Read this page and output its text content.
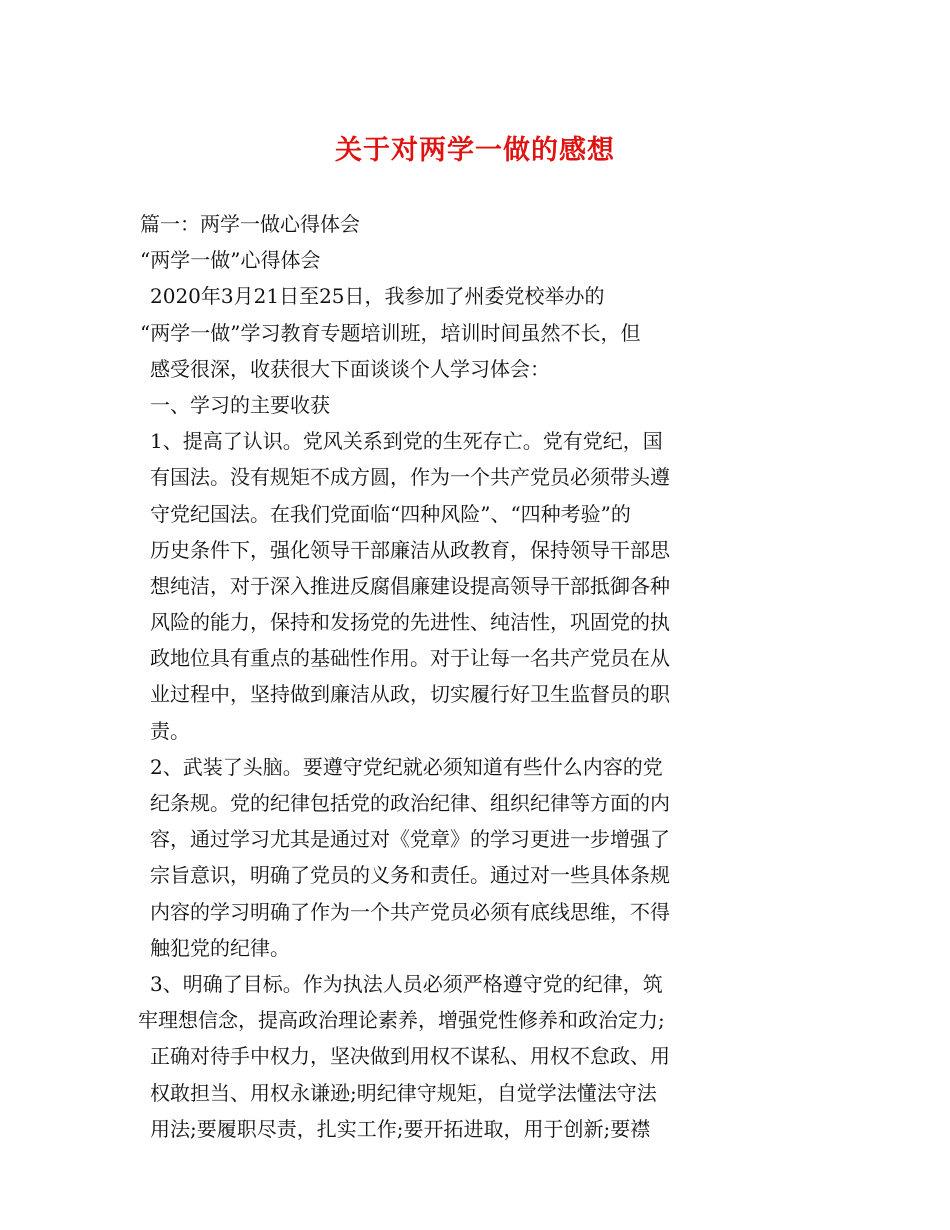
关于对两学一做的感想
篇一：两学一做心得体会
“两学一做”心得体会
2020年3月21日至25日，我参加了州委党校举办的
“两学一做”学习教育专题培训班，培训时间虽然不长，但
感受很深，收获很大下面谈谈个人学习体会：
一、学习的主要收获
1、提高了认识。党风关系到党的生死存亡。党有党纪，国
有国法。没有规矩不成方圆，作为一个共产党员必须带头遵
守党纪国法。在我们党面临“四种风险”、“四种考验”的
历史条件下，强化领导干部廉洁从政教育，保持领导干部思
想纯洁，对于深入推进反腐倡廉建设提高领导干部抵御各种
风险的能力，保持和发扬党的先进性、纯洁性，巩固党的执
政地位具有重点的基础性作用。对于让每一名共产党员在从
业过程中，坚持做到廉洁从政，切实履行好卫生监督员的职
责。
2、武装了头脑。要遵守党纪就必须知道有些什么内容的党
纪条规。党的纪律包括党的政治纪律、组织纪律等方面的内
容，通过学习尤其是通过对《党章》的学习更进一步增强了
宗旨意识，明确了党员的义务和责任。通过对一些具体条规
内容的学习明确了作为一个共产党员必须有底线思维，不得
触犯党的纪律。
3、明确了目标。作为执法人员必须严格遵守党的纪律，筑
牢理想信念，提高政治理论素养，增强党性修养和政治定力;
正确对待手中权力，坚决做到用权不谋私、用权不怠政、用
权敢担当、用权永谦逊;明纪律守规矩，自觉学法懂法守法
用法;要履职尽责，扎实工作;要开拓进取，用于创新;要襟
